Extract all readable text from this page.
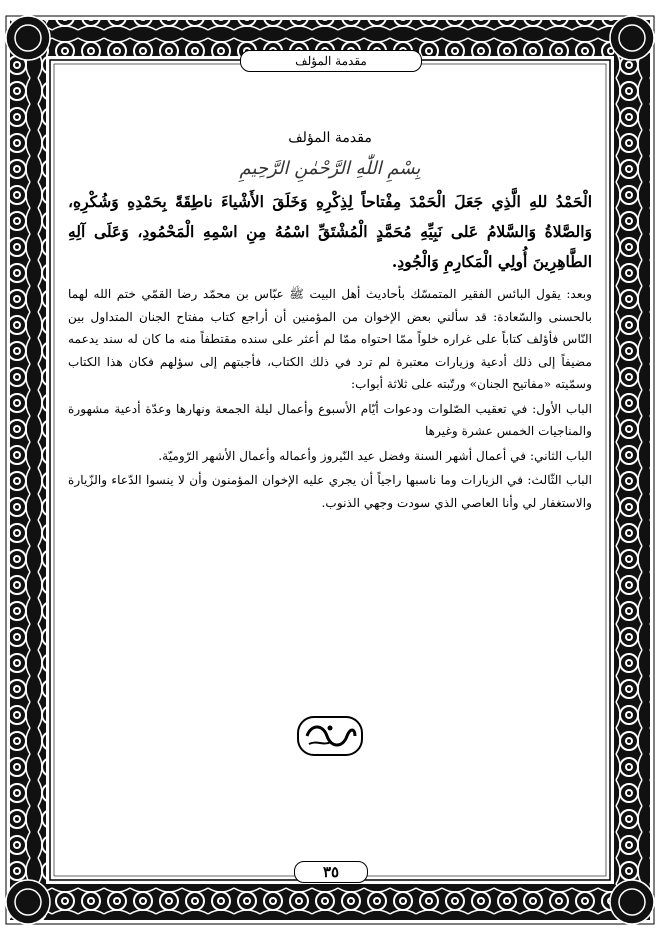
مقدمة المؤلف
مقدمة المؤلف
بِسْمِ اللّٰهِ الرَّحْمٰنِ الرَّحِيمِ
الْحَمْدُ للهِ الَّذِي جَعَلَ الْحَمْدَ مِفْتاحاً لِذِكْرِهِ وَخَلَقَ الأَشْياءَ ناطِقَةً بِحَمْدِهِ وَشُكْرِهِ، وَالصَّلاةُ وَالسَّلامُ عَلى نَبِيِّهِ مُحَمَّدٍ الْمُشْتَقِّ اسْمُهُ مِنِ اسْمِهِ الْمَحْمُودِ، وَعَلَى آلِهِ الطَّاهِرِينَ أُولِي الْمَكارِمِ وَالْجُودِ.
وبعد: يقول البائس الفقير المتمسّك بأحاديث أهل البيت ﷺ عبّاس بن محمّد رضا القمّي ختم الله لهما بالحسنى والسّعادة: قد سألني بعض الإخوان من المؤمنين أن أراجع كتاب مفتاح الجنان المتداول بين النّاس فأؤلف كتاباً على غراره خلواً ممّا احتواه ممّا لم أعثر على سنده مقتطفاً منه ما كان له سند يدعمه مضيفاً إلى ذلك أدعية وزيارات معتبرة لم ترد في ذلك الكتاب، فأجبتهم إلى سؤلهم فكان هذا الكتاب وسمّيته «مفاتيح الجنان» ورتّبته على ثلاثة أبواب:
الباب الأول: في تعقيب الصّلوات ودعوات أيّام الأسبوع وأعمال ليلة الجمعة ونهارها وعدّة أدعية مشهورة والمناجيات الخمس عشرة وغيرها
الباب الثاني: في أعمال أشهر السنة وفضل عيد النّيروز وأعماله وأعمال الأشهر الرّوميّة.
الباب الثّالث: في الزيارات وما ناسبها راجياً أن يجري عليه الإخوان المؤمنون وأن لا ينسوا الدّعاء والزّيارة والاستغفار لي وأنا العاصي الذي سودت وجهي الذنوب.
٣٥
